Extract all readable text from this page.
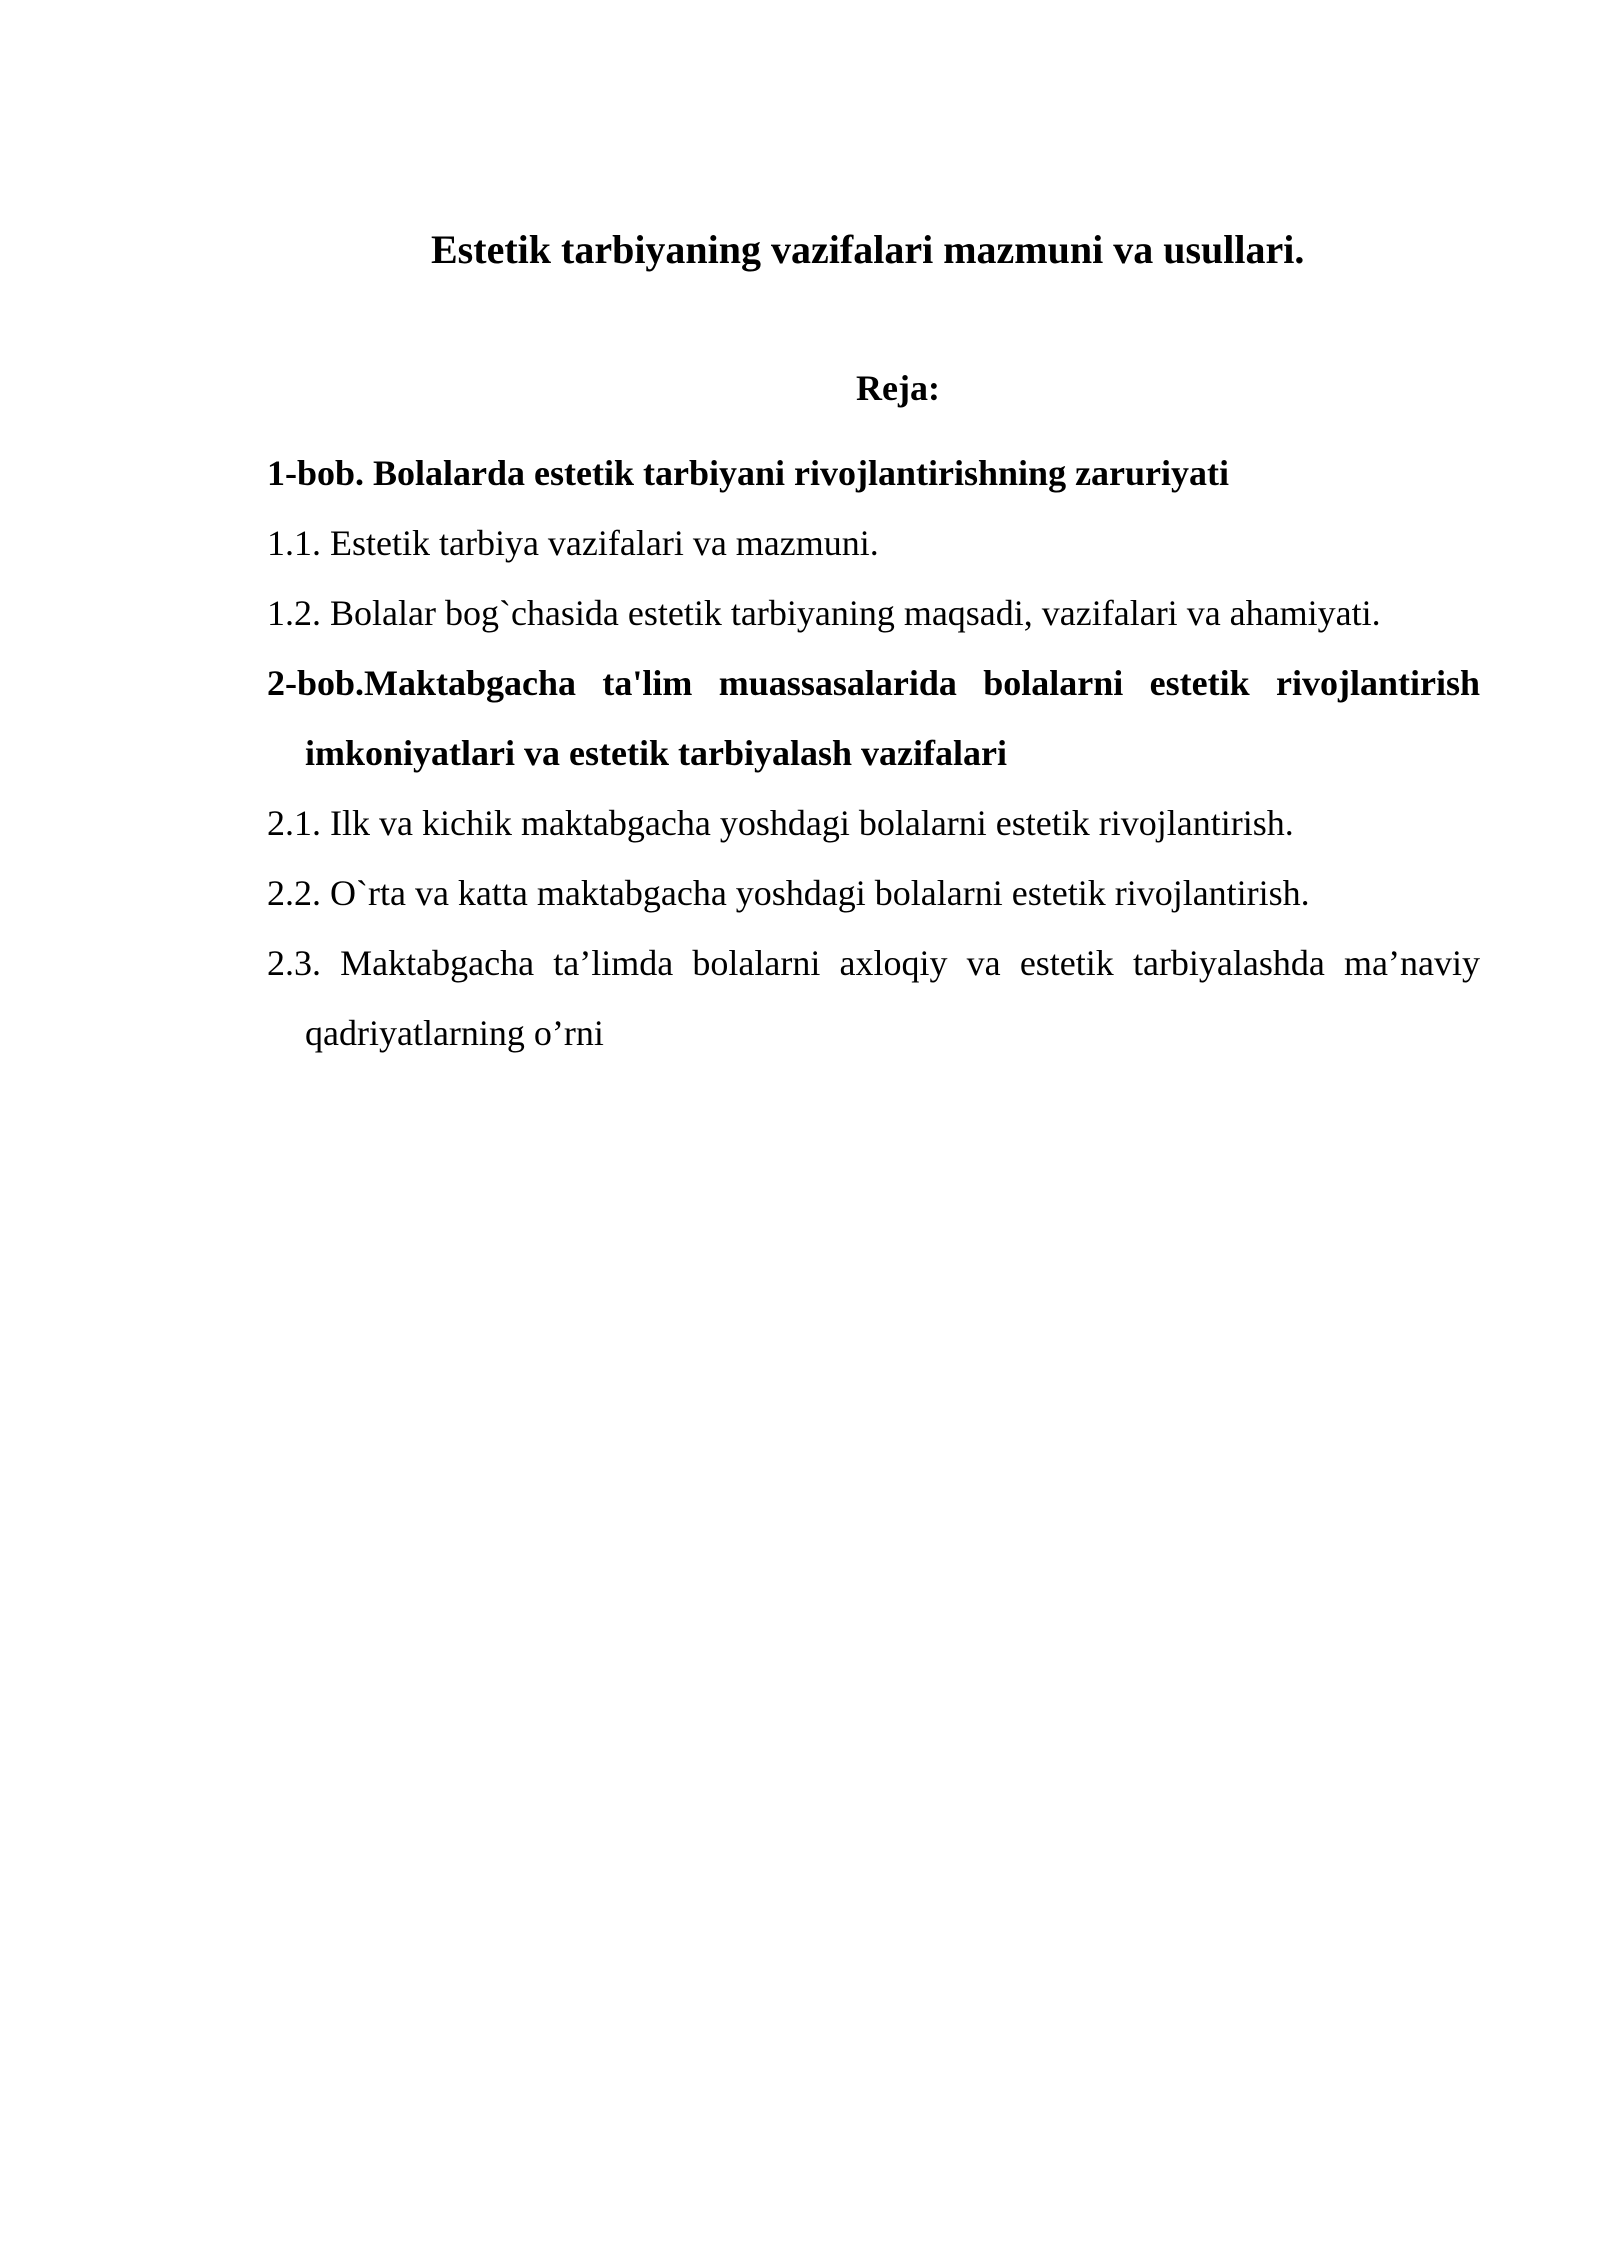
Estetik tarbiyaning vazifalari mazmuni va usullari.
Reja:
1-bob. Bolalarda estetik tarbiyani rivojlantirishning zaruriyati
1.1. Estetik tarbiya vazifalari va mazmuni.
1.2. Bolalar bog`chasida estetik tarbiyaning maqsadi, vazifalari va ahamiyati.
2-bob.Maktabgacha ta'lim muassasalarida bolalarni estetik rivojlantirish imkoniyatlari va estetik tarbiyalash vazifalari
2.1. Ilk va kichik maktabgacha yoshdagi bolalarni estetik rivojlantirish.
2.2. O`rta va katta maktabgacha yoshdagi bolalarni estetik rivojlantirish.
2.3. Maktabgacha ta’limda bolalarni axloqiy va estetik tarbiyalashda ma’naviy qadriyatlarning o’rni
